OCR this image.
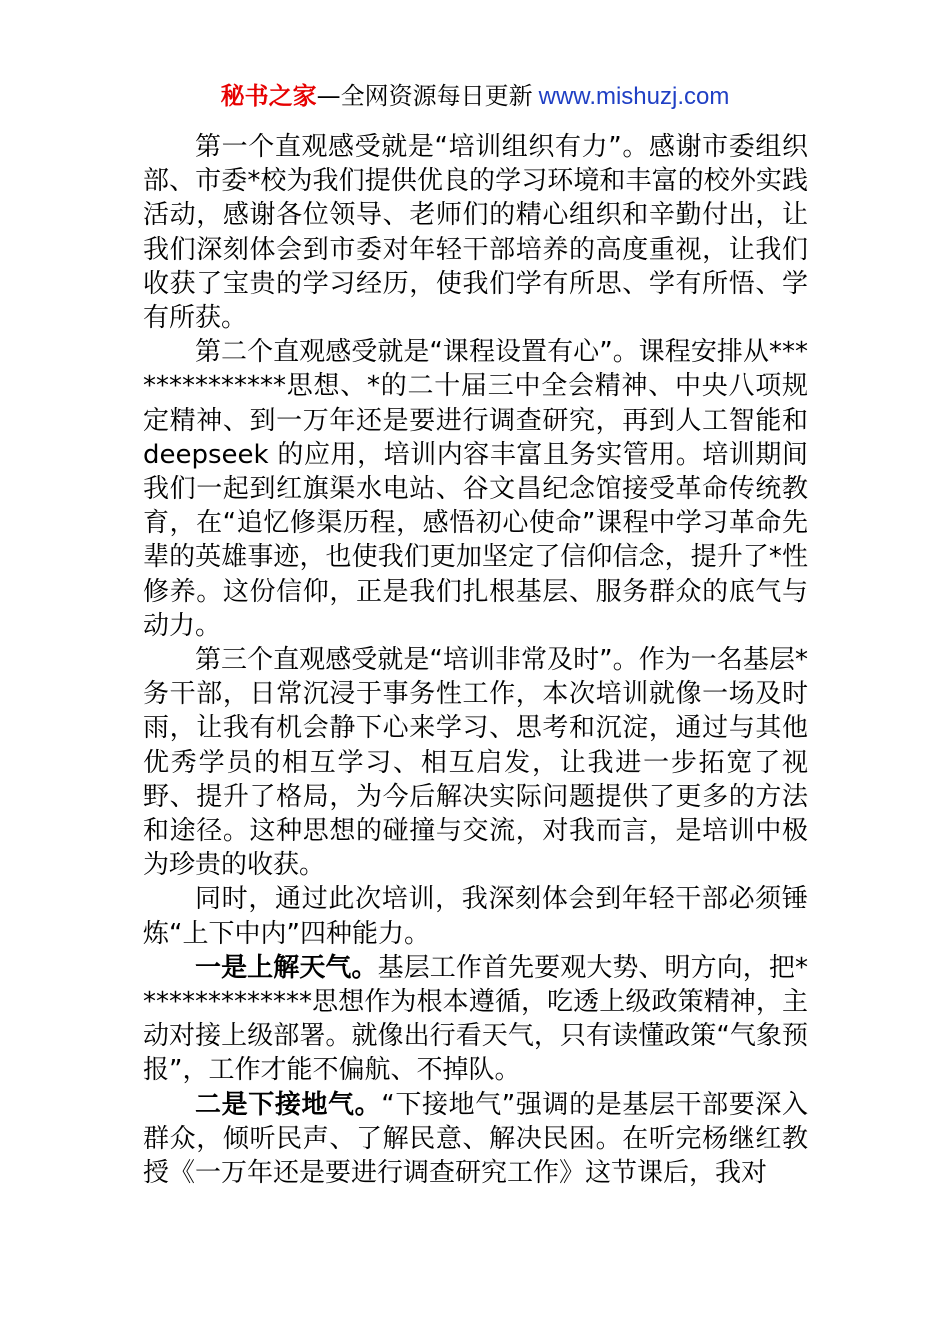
秘书之家—全网资源每日更新 www.mishuzj.com

第一个直观感受就是“培训组织有力”。感谢市委组织部、市委*校为我们提供优良的学习环境和丰富的校外实践活动，感谢各位领导、老师们的精心组织和辛勤付出，让我们深刻体会到市委对年轻干部培养的高度重视，让我们收获了宝贵的学习经历，使我们学有所思、学有所悟、学有所获。

第二个直观感受就是“课程设置有心”。课程安排从**************思想、*的二十届三中全会精神、中央八项规定精神、到一万年还是要进行调查研究，再到人工智能和 deepseek 的应用，培训内容丰富且务实管用。培训期间我们一起到红旗渠水电站、谷文昌纪念馆接受革命传统教育，在“追忆修渠历程，感悟初心使命”课程中学习革命先辈的英雄事迹，也使我们更加坚定了信仰信念，提升了*性修养。这份信仰，正是我们扎根基层、服务群众的底气与动力。

第三个直观感受就是“培训非常及时”。作为一名基层*务干部，日常沉浸于事务性工作，本次培训就像一场及时雨，让我有机会静下心来学习、思考和沉淀，通过与其他优秀学员的相互学习、相互启发，让我进一步拓宽了视野、提升了格局，为今后解决实际问题提供了更多的方法和途径。这种思想的碰撞与交流，对我而言，是培训中极为珍贵的收获。

同时，通过此次培训，我深刻体会到年轻干部必须锤炼“上下中内”四种能力。

一是上解天气。基层工作首先要观大势、明方向，把**************思想作为根本遵循，吃透上级政策精神，主动对接上级部署。就像出行看天气，只有读懂政策“气象预报”，工作才能不偏航、不掉队。

二是下接地气。“下接地气”强调的是基层干部要深入群众，倾听民声、了解民意、解决民困。在听完杨继红教授《一万年还是要进行调查研究工作》这节课后，我对
